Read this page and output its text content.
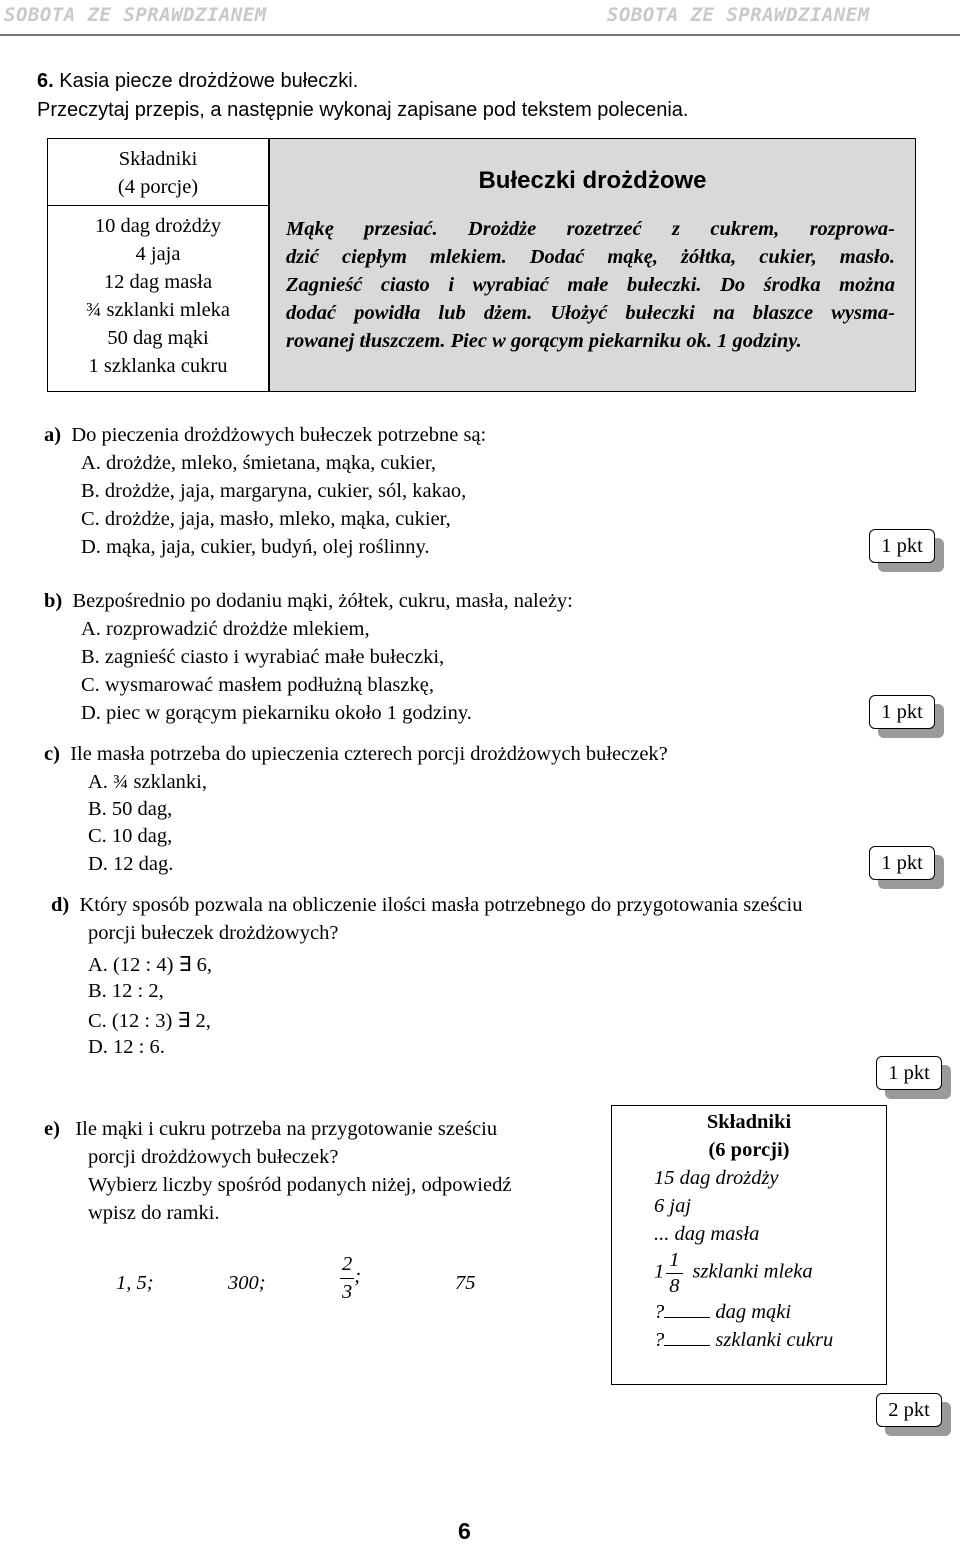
SOBOTA ZE SPRAWDZIANEM	SOBOTA ZE SPRAWDZIANEM
6. Kasia piecze drożdżowe bułeczki.
Przeczytaj przepis, a następnie wykonaj zapisane pod tekstem polecenia.
Składniki
(4 porcje)
10 dag drożdży
4 jaja
12 dag masła
¾ szklanki mleka
50 dag mąki
1 szklanka cukru
Bułeczki drożdżowe
Mąkę przesiać. Drożdże rozetrzeć z cukrem, rozprowa-
dzić ciepłym mlekiem. Dodać mąkę, żółtka, cukier, masło.
Zagnieść ciasto i wyrabiać małe bułeczki. Do środka można
dodać powidła lub dżem. Ułożyć bułeczki na blaszce wysma-
rowanej tłuszczem. Piec w gorącym piekarniku ok. 1 godziny.
a) Do pieczenia drożdżowych bułeczek potrzebne są:
A. drożdże, mleko, śmietana, mąka, cukier,
B. drożdże, jaja, margaryna, cukier, sól, kakao,
C. drożdże, jaja, masło, mleko, mąka, cukier,
D. mąka, jaja, cukier, budyń, olej roślinny.	1 pkt
b) Bezpośrednio po dodaniu mąki, żółtek, cukru, masła, należy:
A. rozprowadzić drożdże mlekiem,
B. zagnieść ciasto i wyrabiać małe bułeczki,
C. wysmarować masłem podłużną blaszkę,
D. piec w gorącym piekarniku około 1 godziny.	1 pkt
c) Ile masła potrzeba do upieczenia czterech porcji drożdżowych bułeczek?
A. ¾ szklanki,
B. 50 dag,
C. 10 dag,
D. 12 dag.	1 pkt
d) Który sposób pozwala na obliczenie ilości masła potrzebnego do przygotowania sześciu
porcji bułeczek drożdżowych?
A. (12 : 4) ∃ 6,
B. 12 : 2,
C. (12 : 3) ∃ 2,
D. 12 : 6.
1 pkt
e) Ile mąki i cukru potrzeba na przygotowanie sześciu
porcji drożdżowych bułeczek?
Wybierz liczby spośród podanych niżej, odpowiedź
wpisz do ramki.
1, 5;	300;	$\frac{2}{3}$ ;	75
Składniki
(6 porcji)
15 dag drożdży
6 jaj
... dag masła
$1 \frac{1}{8}$ szklanki mleka
? dag mąki
? szklanki cukru
2 pkt
6
